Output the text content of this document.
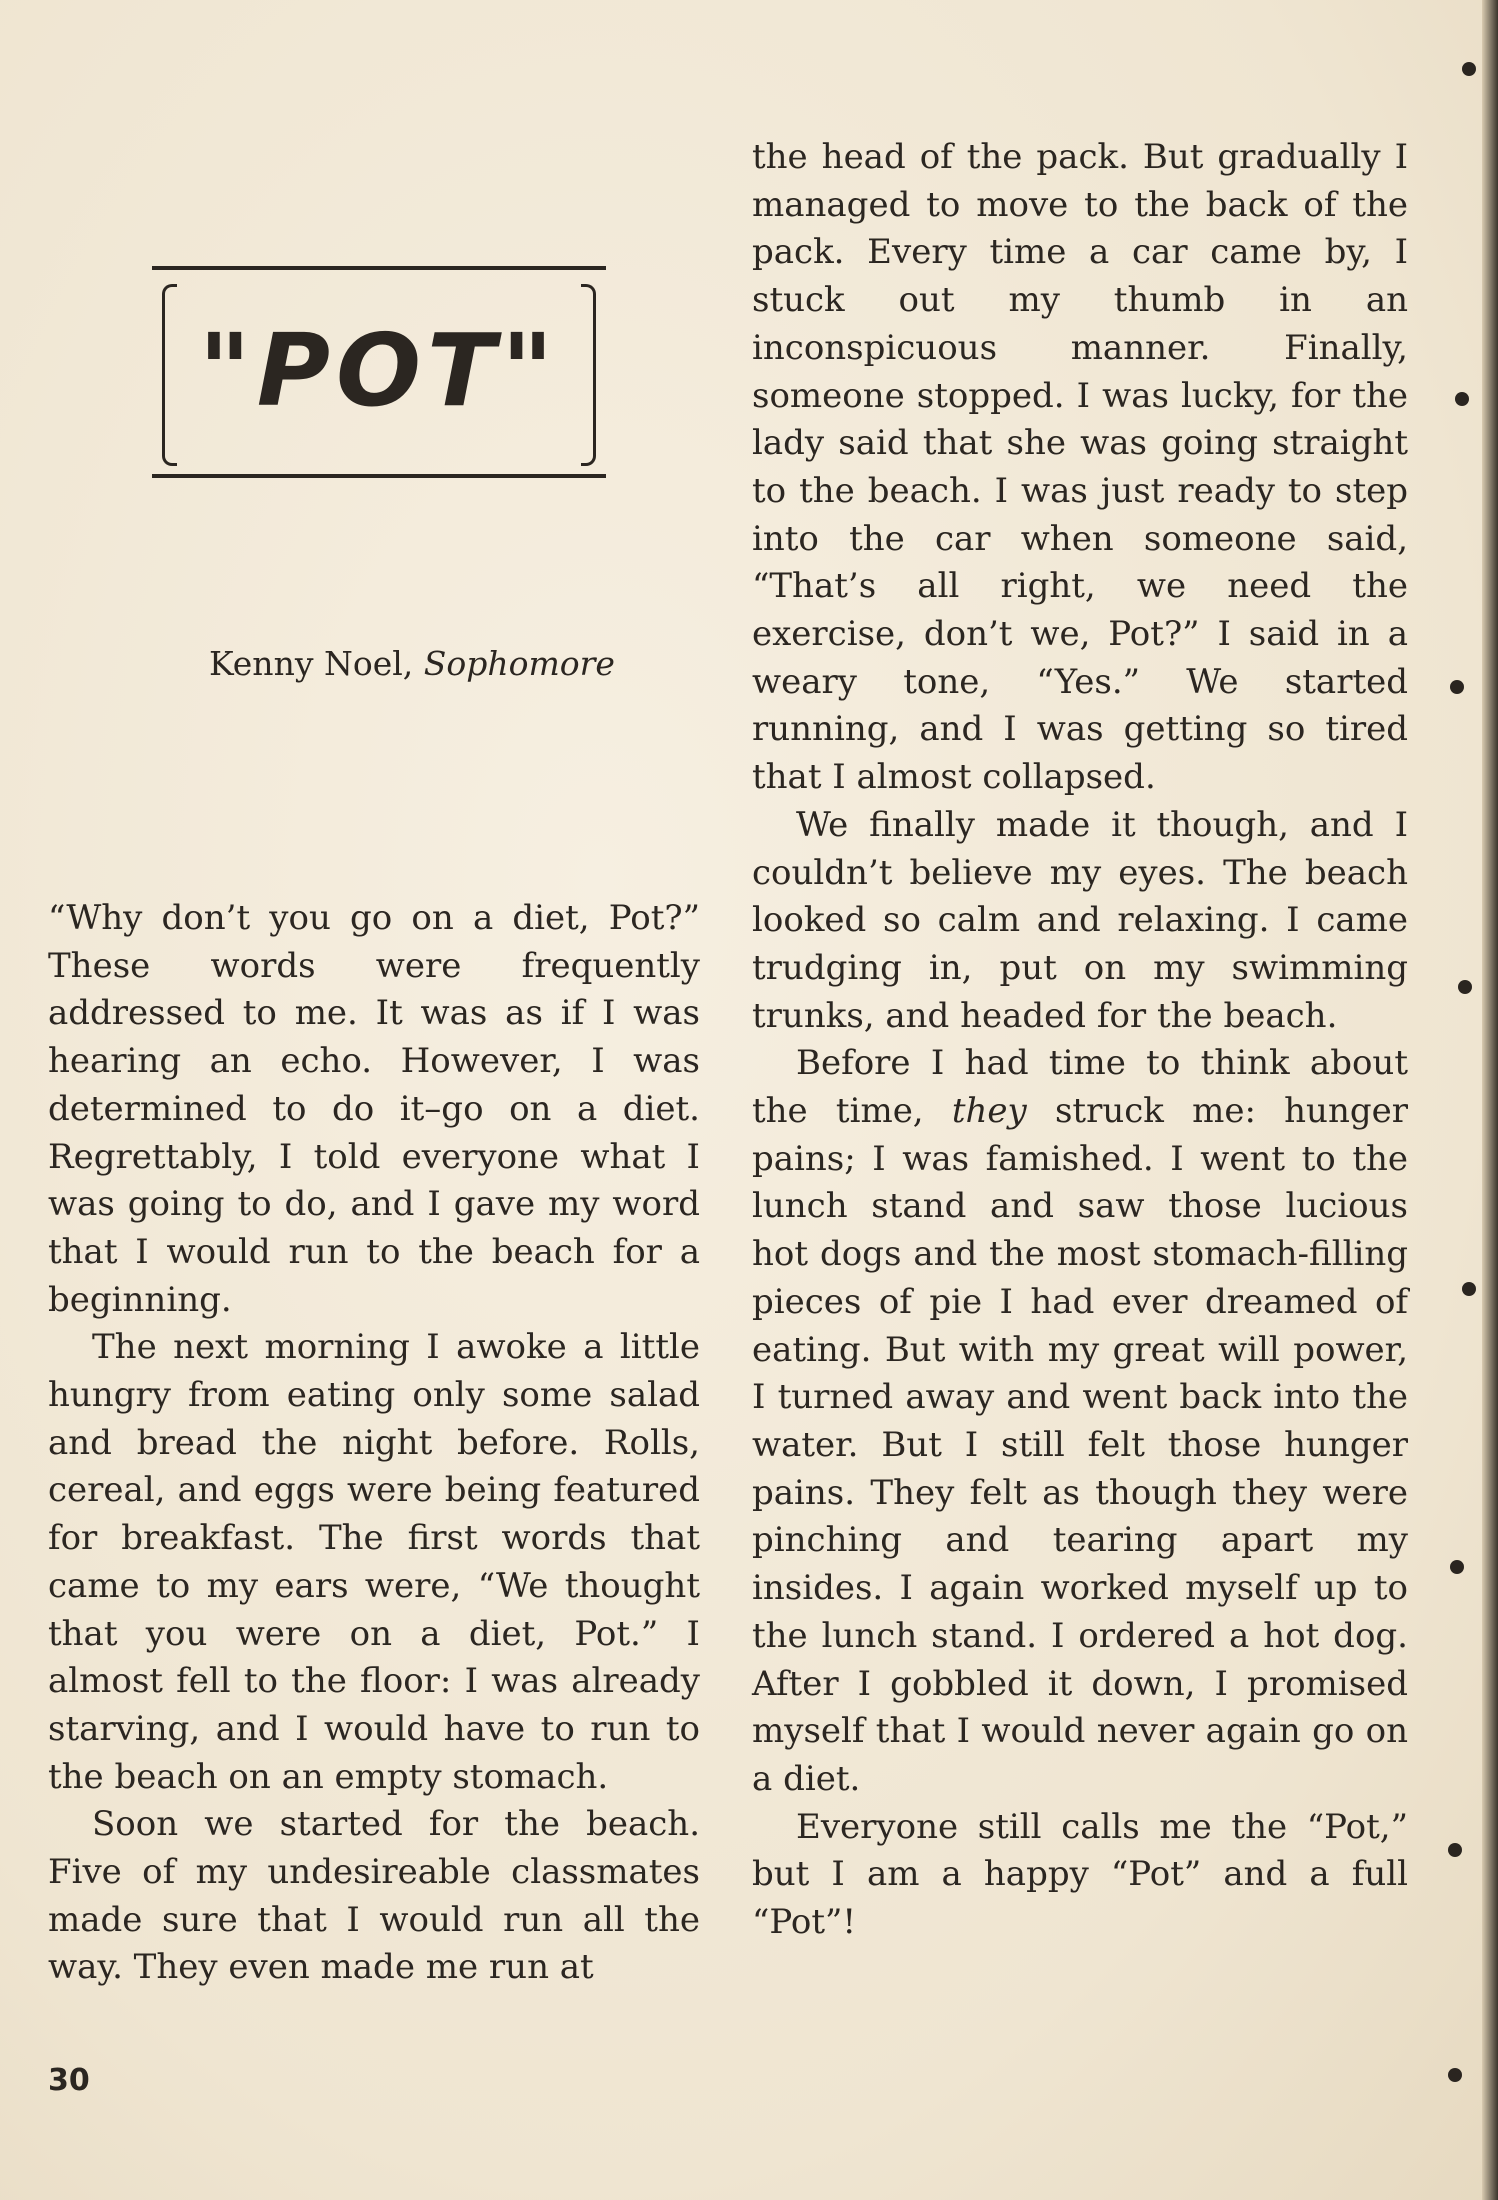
"POT"
Kenny Noel, Sophomore

“Why don’t you go on a diet, Pot?” These words were frequently addressed to me. It was as if I was hearing an echo. However, I was determined to do it–go on a diet. Regrettably, I told everyone what I was going to do, and I gave my word that I would run to the beach for a beginning.

The next morning I awoke a little hungry from eating only some salad and bread the night before. Rolls, cereal, and eggs were being featured for breakfast. The first words that came to my ears were, “We thought that you were on a diet, Pot.” I almost fell to the floor: I was already starving, and I would have to run to the beach on an empty stomach.

Soon we started for the beach. Five of my undesireable classmates made sure that I would run all the way. They even made me run at

the head of the pack. But gradually I managed to move to the back of the pack. Every time a car came by, I stuck out my thumb in an inconspicuous manner. Finally, someone stopped. I was lucky, for the lady said that she was going straight to the beach. I was just ready to step into the car when someone said, “That’s all right, we need the exercise, don’t we, Pot?” I said in a weary tone, “Yes.” We started running, and I was getting so tired that I almost collapsed.

We finally made it though, and I couldn’t believe my eyes. The beach looked so calm and relaxing. I came trudging in, put on my swimming trunks, and headed for the beach.

Before I had time to think about the time, they struck me: hunger pains; I was famished. I went to the lunch stand and saw those lucious hot dogs and the most stomach-filling pieces of pie I had ever dreamed of eating. But with my great will power, I turned away and went back into the water. But I still felt those hunger pains. They felt as though they were pinching and tearing apart my insides. I again worked myself up to the lunch stand. I ordered a hot dog. After I gobbled it down, I promised myself that I would never again go on a diet.

Everyone still calls me the “Pot,” but I am a happy “Pot” and a full “Pot”!

30
